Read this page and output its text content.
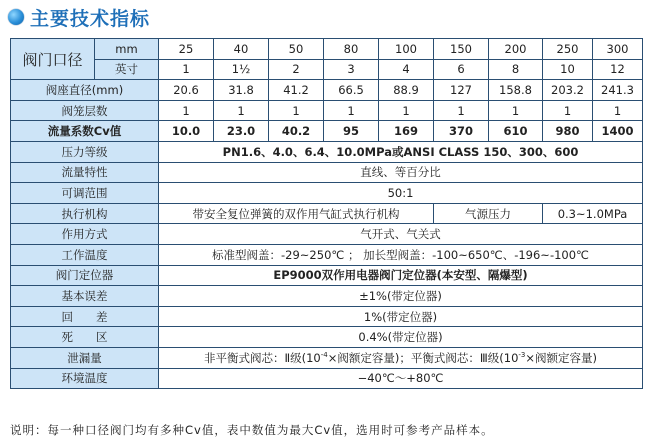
主要技术指标
阀门口径	mm	25	40	50	80	100	150	200	250	300
	英寸	1	1½	2	3	4	6	8	10	12
阀座直径(mm)		20.6	31.8	41.2	66.5	88.9	127	158.8	203.2	241.3
阀笼层数		1	1	1	1	1	1	1	1	1
流量系数Cv值		10.0	23.0	40.2	95	169	370	610	980	1400
压力等级		PN1.6、4.0、6.4、10.0MPa或ANSI CLASS 150、300、600								
流量特性		直线、等百分比								
可调范围		50:1								
执行机构		带安全复位弹簧的双作用气缸式执行机构					气源压力		0.3~1.0MPa	
作用方式		气开式、气关式								
工作温度		标准型阀盖：-29~250℃ ； 加长型阀盖：-100~650℃、-196~-100℃								
阀门定位器		EP9000双作用电器阀门定位器(本安型、隔爆型)								
基本误差		±1%(带定位器)								
回　　差		1%(带定位器)								
死　　区		0.4%(带定位器)								
泄漏量		非平衡式阀芯：Ⅱ级($10^{-4}\times$阀额定容量)；平衡式阀芯：Ⅲ级($10^{-3}\times$阀额定容量)								
环境温度		−40℃～+80℃								
说明：每一种口径阀门均有多种Cv值，表中数值为最大Cv值，选用时可参考产品样本。
